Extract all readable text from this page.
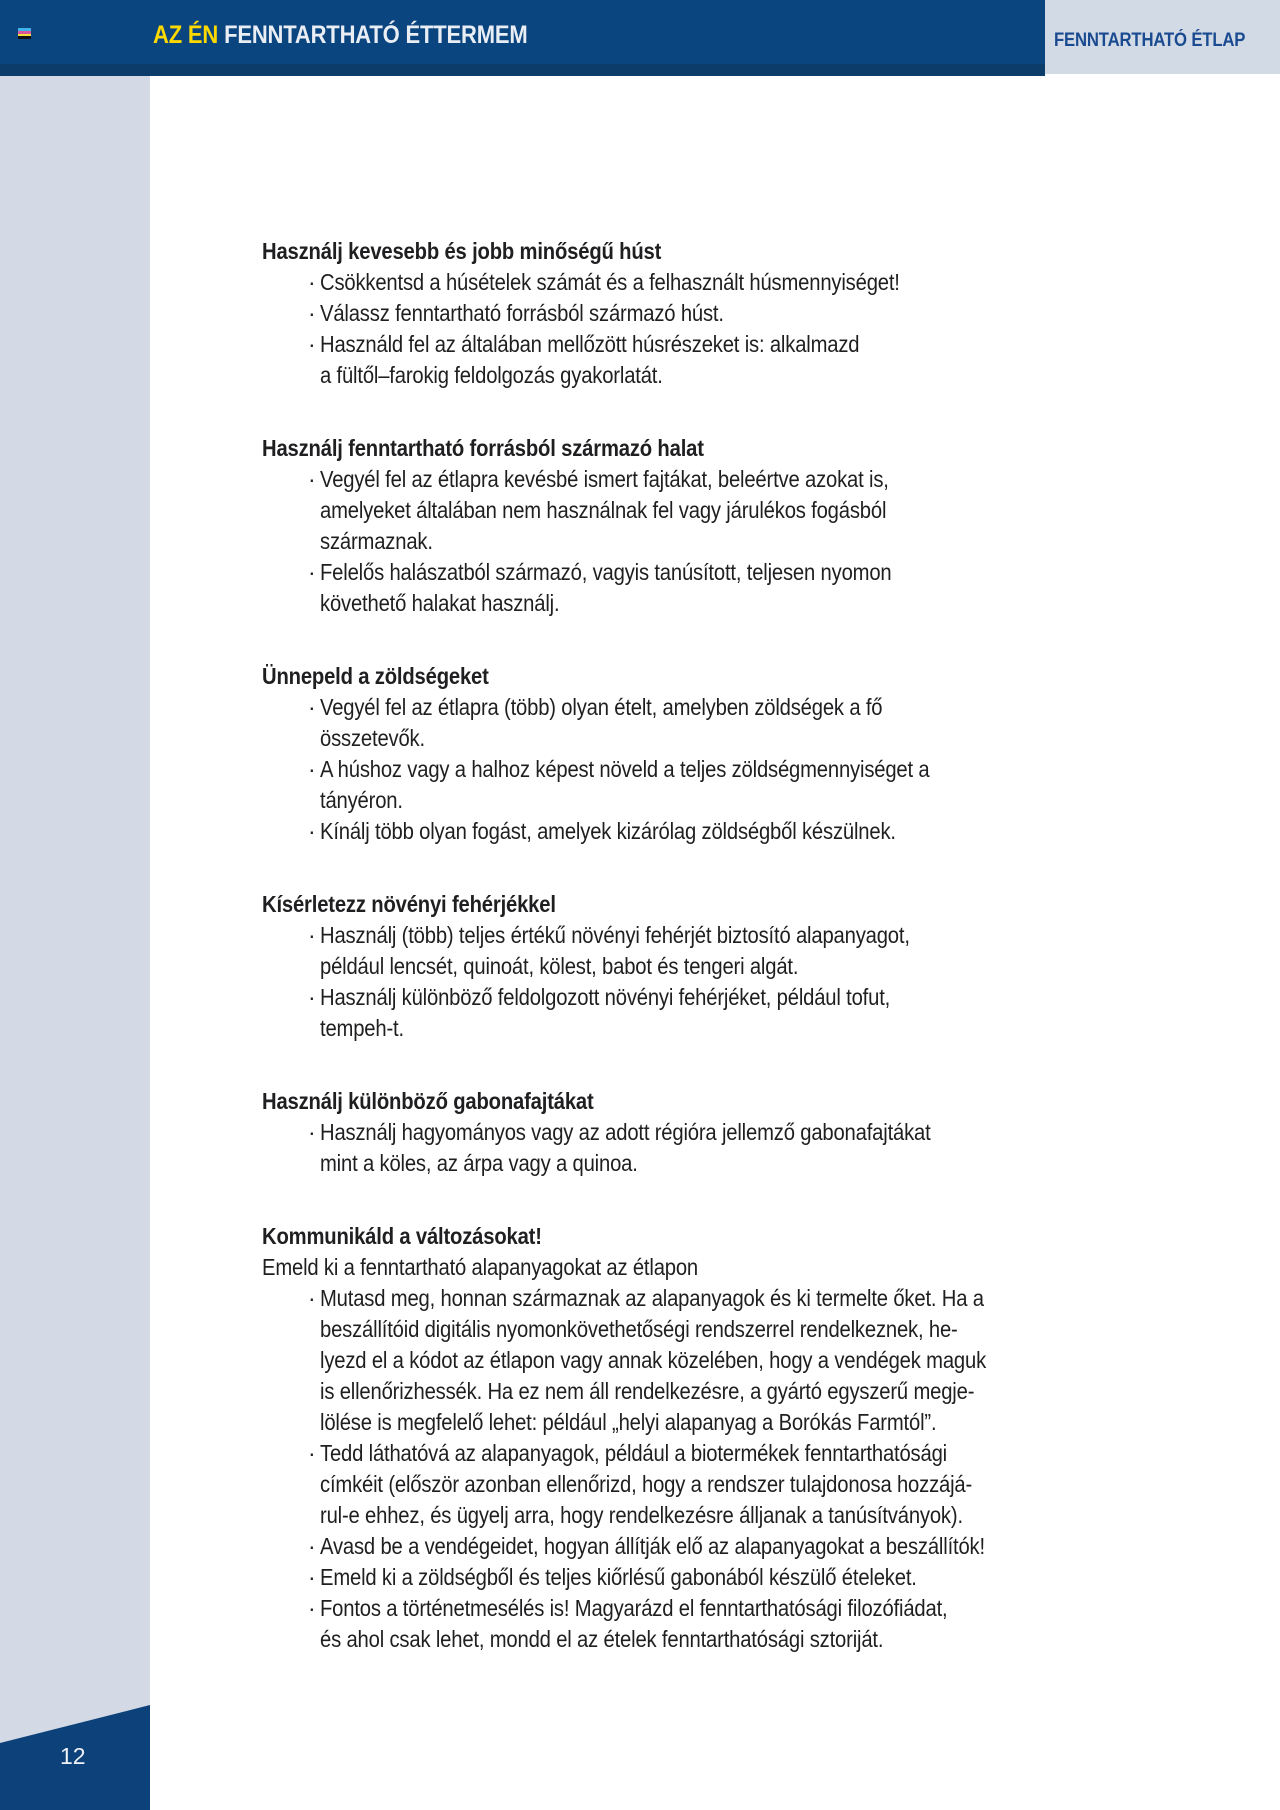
AZ ÉN FENNTARTHATÓ ÉTTERMEM	FENNTARTHATÓ ÉTLAP
12
Használj kevesebb és jobb minőségű húst
· Csökkentsd a húsételek számát és a felhasznált húsmennyiséget!
· Válassz fenntartható forrásból származó húst.
· Használd fel az általában mellőzött húsrészeket is: alkalmazd
a fültől–farokig feldolgozás gyakorlatát.
Használj fenntartható forrásból származó halat
· Vegyél fel az étlapra kevésbé ismert fajtákat, beleértve azokat is,
amelyeket általában nem használnak fel vagy járulékos fogásból
származnak.
· Felelős halászatból származó, vagyis tanúsított, teljesen nyomon
követhető halakat használj.
Ünnepeld a zöldségeket
· Vegyél fel az étlapra (több) olyan ételt, amelyben zöldségek a fő
összetevők.
· A húshoz vagy a halhoz képest növeld a teljes zöldségmennyiséget a
tányéron.
· Kínálj több olyan fogást, amelyek kizárólag zöldségből készülnek.
Kísérletezz növényi fehérjékkel
· Használj (több) teljes értékű növényi fehérjét biztosító alapanyagot,
például lencsét, quinoát, kölest, babot és tengeri algát.
· Használj különböző feldolgozott növényi fehérjéket, például tofut,
tempeh-t.
Használj különböző gabonafajtákat
· Használj hagyományos vagy az adott régióra jellemző gabonafajtákat
mint a köles, az árpa vagy a quinoa.
Kommunikáld a változásokat!
Emeld ki a fenntartható alapanyagokat az étlapon
· Mutasd meg, honnan származnak az alapanyagok és ki termelte őket. Ha a
beszállítóid digitális nyomonkövethetőségi rendszerrel rendelkeznek, he-
lyezd el a kódot az étlapon vagy annak közelében, hogy a vendégek maguk
is ellenőrizhessék. Ha ez nem áll rendelkezésre, a gyártó egyszerű megje-
lölése is megfelelő lehet: például „helyi alapanyag a Borókás Farmtól”.
· Tedd láthatóvá az alapanyagok, például a biotermékek fenntarthatósági
címkéit (először azonban ellenőrizd, hogy a rendszer tulajdonosa hozzájá-
rul-e ehhez, és ügyelj arra, hogy rendelkezésre álljanak a tanúsítványok).
· Avasd be a vendégeidet, hogyan állítják elő az alapanyagokat a beszállítók!
· Emeld ki a zöldségből és teljes kiőrlésű gabonából készülő ételeket.
· Fontos a történetmesélés is! Magyarázd el fenntarthatósági filozófiádat,
és ahol csak lehet, mondd el az ételek fenntarthatósági sztoriját.
